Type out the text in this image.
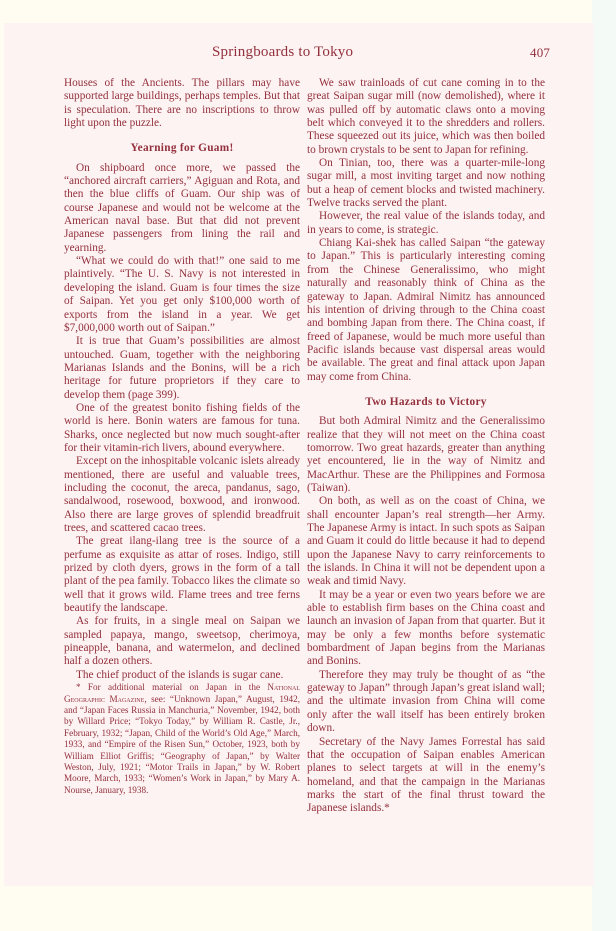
Springboards to Tokyo	407

Houses of the Ancients. The pillars may have supported large buildings, perhaps temples. But that is speculation. There are no inscriptions to throw light upon the puzzle.

Yearning for Guam!

On shipboard once more, we passed the “anchored aircraft carriers,” Agiguan and Rota, and then the blue cliffs of Guam. Our ship was of course Japanese and would not be welcome at the American naval base. But that did not prevent Japanese passengers from lining the rail and yearning.

“What we could do with that!” one said to me plaintively. “The U. S. Navy is not interested in developing the island. Guam is four times the size of Saipan. Yet you get only $100,000 worth of exports from the island in a year. We get $7,000,000 worth out of Saipan.”

It is true that Guam’s possibilities are almost untouched. Guam, together with the neighboring Marianas Islands and the Bonins, will be a rich heritage for future proprietors if they care to develop them (page 399).

One of the greatest bonito fishing fields of the world is here. Bonin waters are famous for tuna. Sharks, once neglected but now much sought-after for their vitamin-rich livers, abound everywhere.

Except on the inhospitable volcanic islets already mentioned, there are useful and valuable trees, including the coconut, the areca, pandanus, sago, sandalwood, rosewood, boxwood, and ironwood. Also there are large groves of splendid breadfruit trees, and scattered cacao trees.

The great ilang-ilang tree is the source of a perfume as exquisite as attar of roses. Indigo, still prized by cloth dyers, grows in the form of a tall plant of the pea family. Tobacco likes the climate so well that it grows wild. Flame trees and tree ferns beautify the landscape.

As for fruits, in a single meal on Saipan we sampled papaya, mango, sweetsop, cherimoya, pineapple, banana, and watermelon, and declined half a dozen others.

The chief product of the islands is sugar cane.

* For additional material on Japan in the National Geographic Magazine, see: “Unknown Japan,” August, 1942, and “Japan Faces Russia in Manchuria,” November, 1942, both by Willard Price; “Tokyo Today,” by William R. Castle, Jr., February, 1932; “Japan, Child of the World’s Old Age,” March, 1933, and “Empire of the Risen Sun,” October, 1923, both by William Elliot Griffis; “Geography of Japan,” by Walter Weston, July, 1921; “Motor Trails in Japan,” by W. Robert Moore, March, 1933; “Women’s Work in Japan,” by Mary A. Nourse, January, 1938.

We saw trainloads of cut cane coming in to the great Saipan sugar mill (now demolished), where it was pulled off by automatic claws onto a moving belt which conveyed it to the shredders and rollers. These squeezed out its juice, which was then boiled to brown crystals to be sent to Japan for refining.

On Tinian, too, there was a quarter-mile-long sugar mill, a most inviting target and now nothing but a heap of cement blocks and twisted machinery. Twelve tracks served the plant.

However, the real value of the islands today, and in years to come, is strategic.

Chiang Kai-shek has called Saipan “the gateway to Japan.” This is particularly interesting coming from the Chinese Generalissimo, who might naturally and reasonably think of China as the gateway to Japan. Admiral Nimitz has announced his intention of driving through to the China coast and bombing Japan from there. The China coast, if freed of Japanese, would be much more useful than Pacific islands because vast dispersal areas would be available. The great and final attack upon Japan may come from China.

Two Hazards to Victory

But both Admiral Nimitz and the Generalissimo realize that they will not meet on the China coast tomorrow. Two great hazards, greater than anything yet encountered, lie in the way of Nimitz and MacArthur. These are the Philippines and Formosa (Taiwan).

On both, as well as on the coast of China, we shall encounter Japan’s real strength—her Army. The Japanese Army is intact. In such spots as Saipan and Guam it could do little because it had to depend upon the Japanese Navy to carry reinforcements to the islands. In China it will not be dependent upon a weak and timid Navy.

It may be a year or even two years before we are able to establish firm bases on the China coast and launch an invasion of Japan from that quarter. But it may be only a few months before systematic bombardment of Japan begins from the Marianas and Bonins.

Therefore they may truly be thought of as “the gateway to Japan” through Japan’s great island wall; and the ultimate invasion from China will come only after the wall itself has been entirely broken down.

Secretary of the Navy James Forrestal has said that the occupation of Saipan enables American planes to select targets at will in the enemy’s homeland, and that the campaign in the Marianas marks the start of the final thrust toward the Japanese islands.*
